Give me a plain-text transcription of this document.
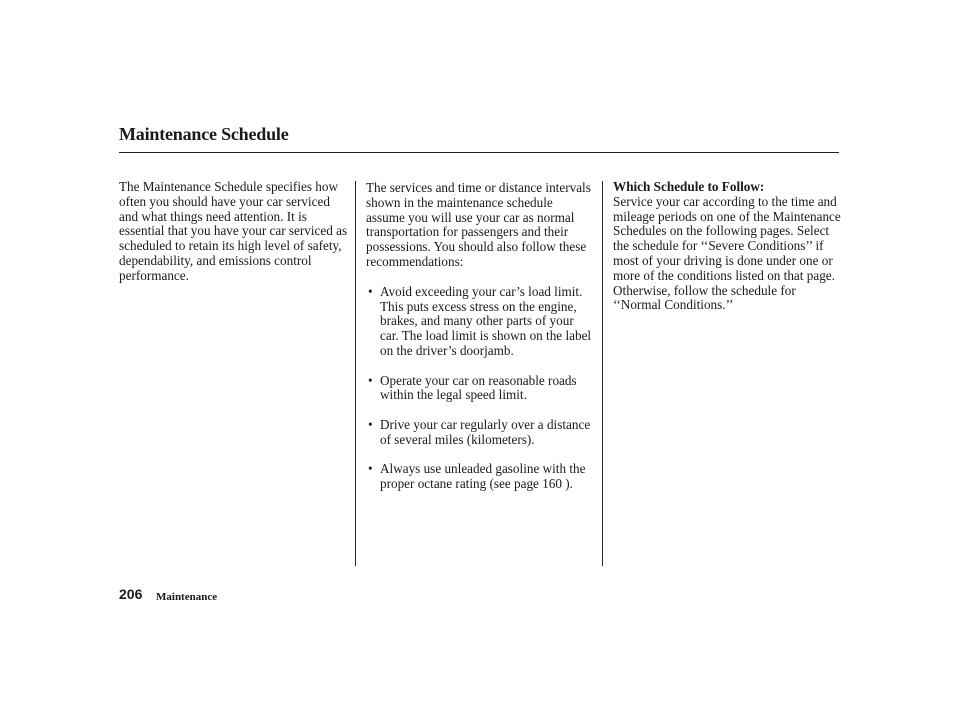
Maintenance Schedule

The Maintenance Schedule specifies how often you should have your car serviced and what things need attention. It is essential that you have your car serviced as scheduled to retain its high level of safety, dependability, and emissions control performance.

The services and time or distance intervals shown in the maintenance schedule assume you will use your car as normal transportation for passengers and their possessions. You should also follow these recommendations:

• Avoid exceeding your car’s load limit. This puts excess stress on the engine, brakes, and many other parts of your car. The load limit is shown on the label on the driver’s doorjamb.
• Operate your car on reasonable roads within the legal speed limit.
• Drive your car regularly over a distance of several miles (kilometers).
• Always use unleaded gasoline with the proper octane rating (see page 160 ).
Which Schedule to Follow:

Service your car according to the time and mileage periods on one of the Maintenance Schedules on the following pages. Select the schedule for ‘‘Severe Conditions’’ if most of your driving is done under one or more of the conditions listed on that page. Otherwise, follow the schedule for ‘‘Normal Conditions.’’

206 Maintenance
